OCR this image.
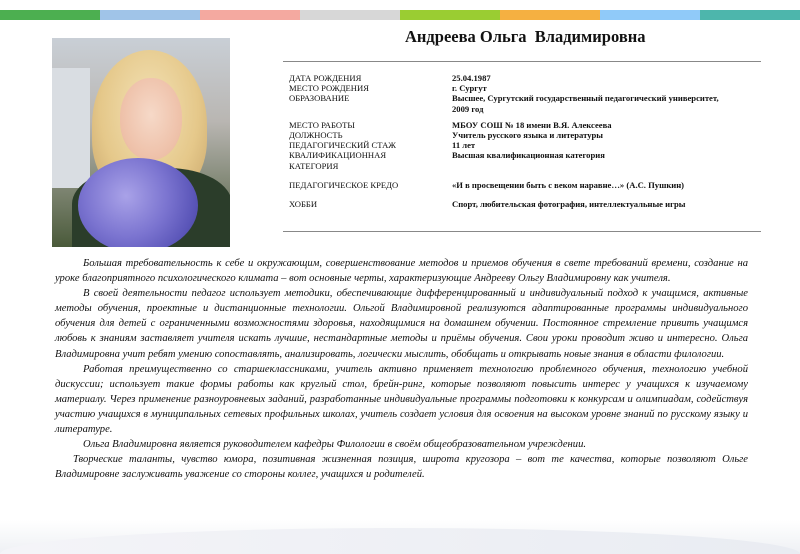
Андреева Ольга  Владимировна
ДАТА РОЖДЕНИЯ	25.04.1987
МЕСТО РОЖДЕНИЯ	г. Сургут
ОБРАЗОВАНИЕ	Высшее, Сургутский государственный педагогический университет,
2009 год
МЕСТО РАБОТЫ	МБОУ СОШ № 18 имени В.Я. Алексеева
ДОЛЖНОСТЬ	Учитель русского языка и литературы
ПЕДАГОГИЧЕСКИЙ СТАЖ	11 лет
КВАЛИФИКАЦИОННАЯ	Высшая квалификационная категория
КАТЕГОРИЯ
ПЕДАГОГИЧЕСКОЕ КРЕДО	«И в просвещении быть с веком наравне…» (А.С. Пушкин)
ХОББИ	Спорт, любительская фотография, интеллектуальные игры

Большая требовательность к себе и окружающим, совершенствование методов и приемов обучения в свете требований времени, создание на уроке благоприятного психологического климата – вот основные черты, характеризующие Андрееву Ольгу Владимировну как учителя.

В своей деятельности педагог использует методики, обеспечивающие дифференцированный и индивидуальный подход к учащимся, активные методы обучения, проектные и дистанционные технологии. Ольгой Владимировной реализуются адаптированные программы индивидуального обучения для детей с ограниченными возможностями здоровья, находящимися на домашнем обучении. Постоянное стремление привить учащимся любовь к знаниям заставляет учителя искать лучшие, нестандартные методы и приёмы обучения. Свои уроки проводит живо и интересно. Ольга Владимировна учит ребят умению сопоставлять, анализировать, логически мыслить, обобщать и открывать новые знания в области филологии.

Работая преимущественно со старшеклассниками, учитель активно применяет технологию проблемного обучения, технологию учебной дискуссии; использует такие формы работы как круглый стол, брейн-ринг, которые позволяют повысить интерес у учащихся к изучаемому материалу. Через применение разноуровневых заданий, разработанные индивидуальные программы подготовки к конкурсам и олимпиадам, содействуя участию учащихся в муниципальных сетевых профильных школах, учитель создает условия для освоения на высоком уровне знаний по русскому языку и литературе.

Ольга Владимировна является руководителем кафедры Филологии в своём общеобразовательном учреждении.

Творческие таланты, чувство юмора, позитивная жизненная позиция, широта кругозора – вот те качества, которые позволяют Ольге Владимировне заслуживать уважение со стороны коллег, учащихся и родителей.
